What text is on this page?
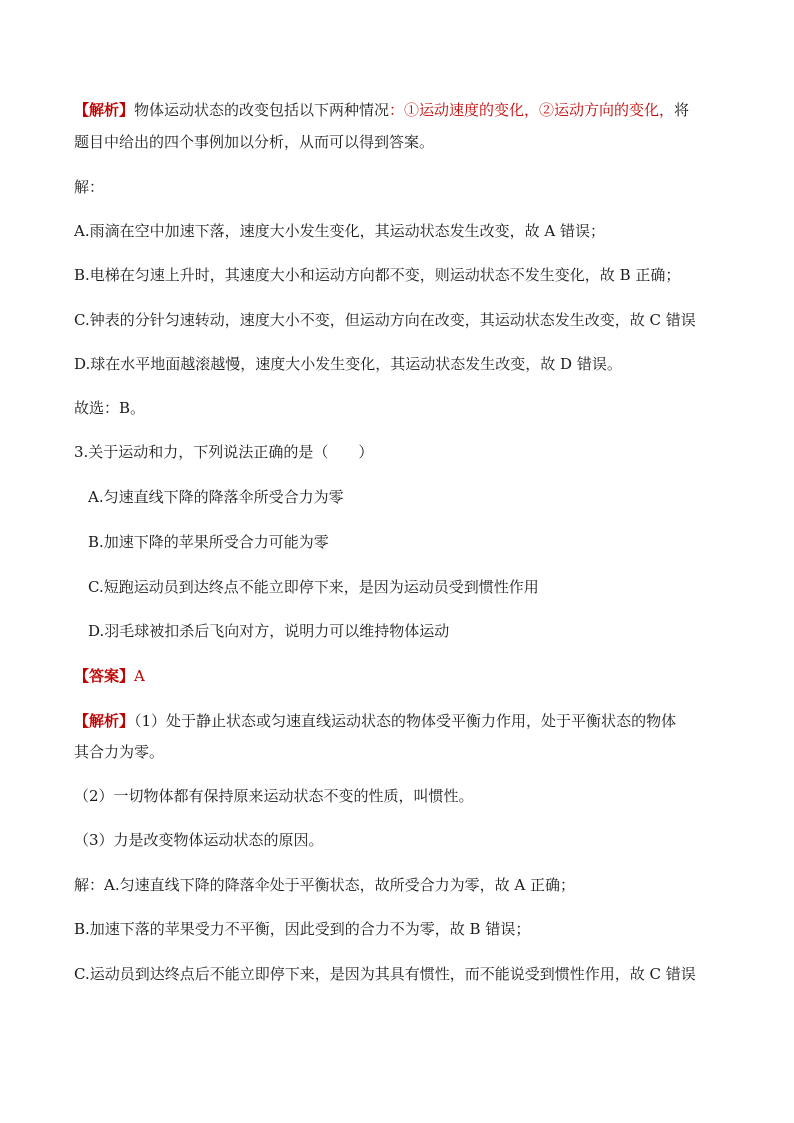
【解析】物体运动状态的改变包括以下两种情况：①运动速度的变化，②运动方向的变化，将
题目中给出的四个事例加以分析，从而可以得到答案。
解：
A.雨滴在空中加速下落，速度大小发生变化，其运动状态发生改变，故 A 错误；
B.电梯在匀速上升时，其速度大小和运动方向都不变，则运动状态不发生变化，故 B 正确；
C.钟表的分针匀速转动，速度大小不变，但运动方向在改变，其运动状态发生改变，故 C 错误
D.球在水平地面越滚越慢，速度大小发生变化，其运动状态发生改变，故 D 错误。
故选：B。
3.关于运动和力，下列说法正确的是（　　）
A.匀速直线下降的降落伞所受合力为零
B.加速下降的苹果所受合力可能为零
C.短跑运动员到达终点不能立即停下来，是因为运动员受到惯性作用
D.羽毛球被扣杀后飞向对方，说明力可以维持物体运动
【答案】A
【解析】（1）处于静止状态或匀速直线运动状态的物体受平衡力作用，处于平衡状态的物体
其合力为零。
（2）一切物体都有保持原来运动状态不变的性质，叫惯性。
（3）力是改变物体运动状态的原因。
解：A.匀速直线下降的降落伞处于平衡状态，故所受合力为零，故 A 正确；
B.加速下落的苹果受力不平衡，因此受到的合力不为零，故 B 错误；
C.运动员到达终点后不能立即停下来，是因为其具有惯性，而不能说受到惯性作用，故 C 错误
